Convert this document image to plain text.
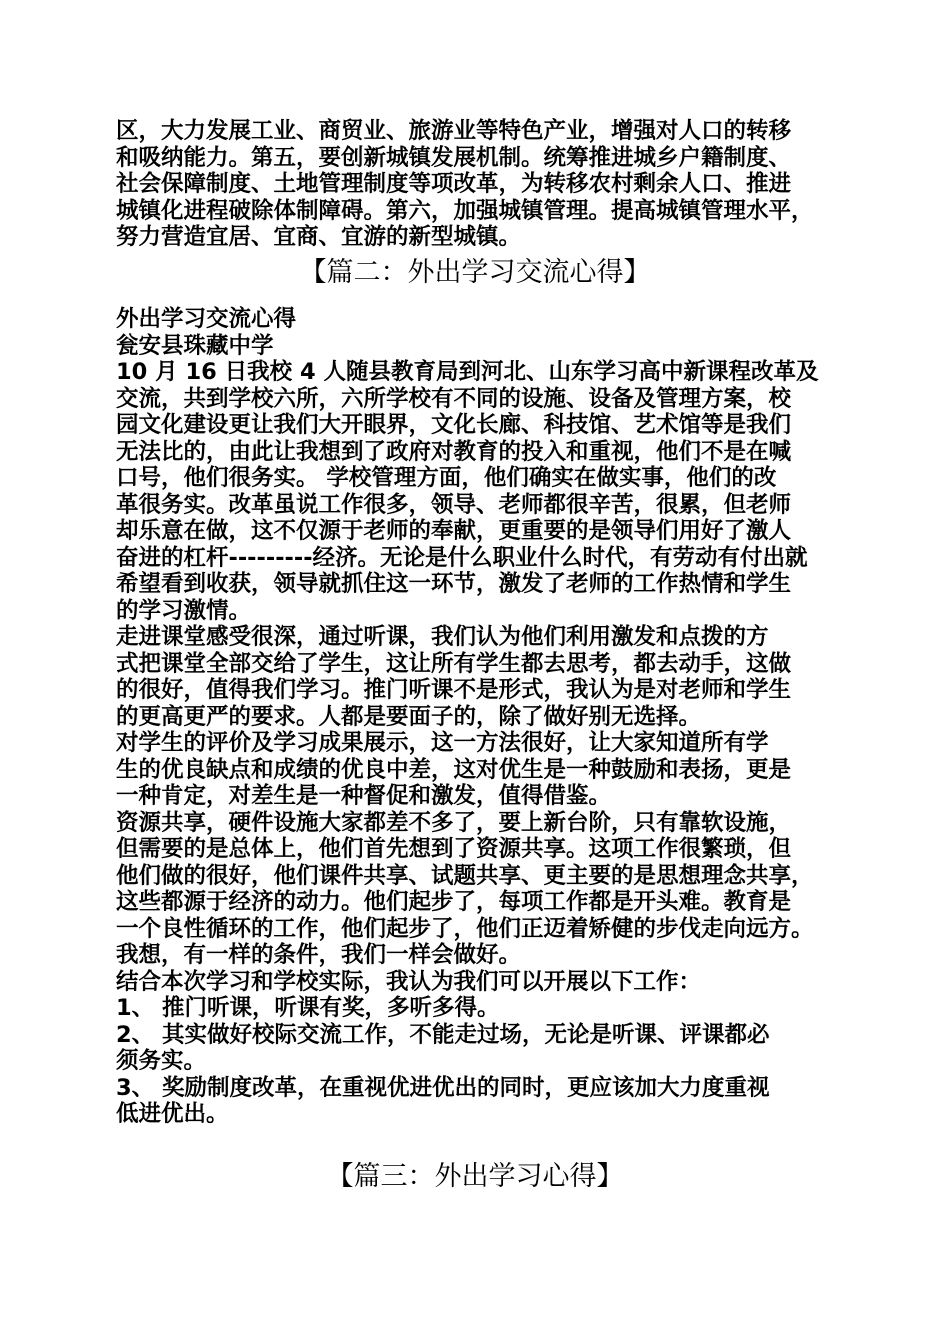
区，大力发展工业、商贸业、旅游业等特色产业，增强对人口的转移
和吸纳能力。第五，要创新城镇发展机制。统筹推进城乡户籍制度、
社会保障制度、土地管理制度等项改革，为转移农村剩余人口、推进
城镇化进程破除体制障碍。第六，加强城镇管理。提高城镇管理水平，
努力营造宜居、宜商、宜游的新型城镇。
【篇二：外出学习交流心得】
外出学习交流心得
瓮安县珠藏中学
10 月 16 日我校 4 人随县教育局到河北、山东学习高中新课程改革及
交流，共到学校六所，六所学校有不同的设施、设备及管理方案，校
园文化建设更让我们大开眼界，文化长廊、科技馆、艺术馆等是我们
无法比的，由此让我想到了政府对教育的投入和重视，他们不是在喊
口号，他们很务实。 学校管理方面，他们确实在做实事，他们的改
革很务实。改革虽说工作很多，领导、老师都很辛苦，很累，但老师
却乐意在做，这不仅源于老师的奉献，更重要的是领导们用好了激人
奋进的杠杆---------经济。无论是什么职业什么时代，有劳动有付出就
希望看到收获，领导就抓住这一环节，激发了老师的工作热情和学生
的学习激情。
走进课堂感受很深，通过听课，我们认为他们利用激发和点拨的方
式把课堂全部交给了学生，这让所有学生都去思考，都去动手，这做
的很好，值得我们学习。推门听课不是形式，我认为是对老师和学生
的更高更严的要求。人都是要面子的，除了做好别无选择。
对学生的评价及学习成果展示，这一方法很好，让大家知道所有学
生的优良缺点和成绩的优良中差，这对优生是一种鼓励和表扬，更是
一种肯定，对差生是一种督促和激发，值得借鉴。
资源共享，硬件设施大家都差不多了，要上新台阶，只有靠软设施，
但需要的是总体上，他们首先想到了资源共享。这项工作很繁琐，但
他们做的很好，他们课件共享、试题共享、更主要的是思想理念共享，
这些都源于经济的动力。他们起步了，每项工作都是开头难。教育是
一个良性循环的工作，他们起步了，他们正迈着矫健的步伐走向远方。
我想，有一样的条件，我们一样会做好。
结合本次学习和学校实际，我认为我们可以开展以下工作：
1、 推门听课，听课有奖，多听多得。
2、 其实做好校际交流工作，不能走过场，无论是听课、评课都必
须务实。
3、 奖励制度改革，在重视优进优出的同时，更应该加大力度重视
低进优出。
【篇三：外出学习心得】
